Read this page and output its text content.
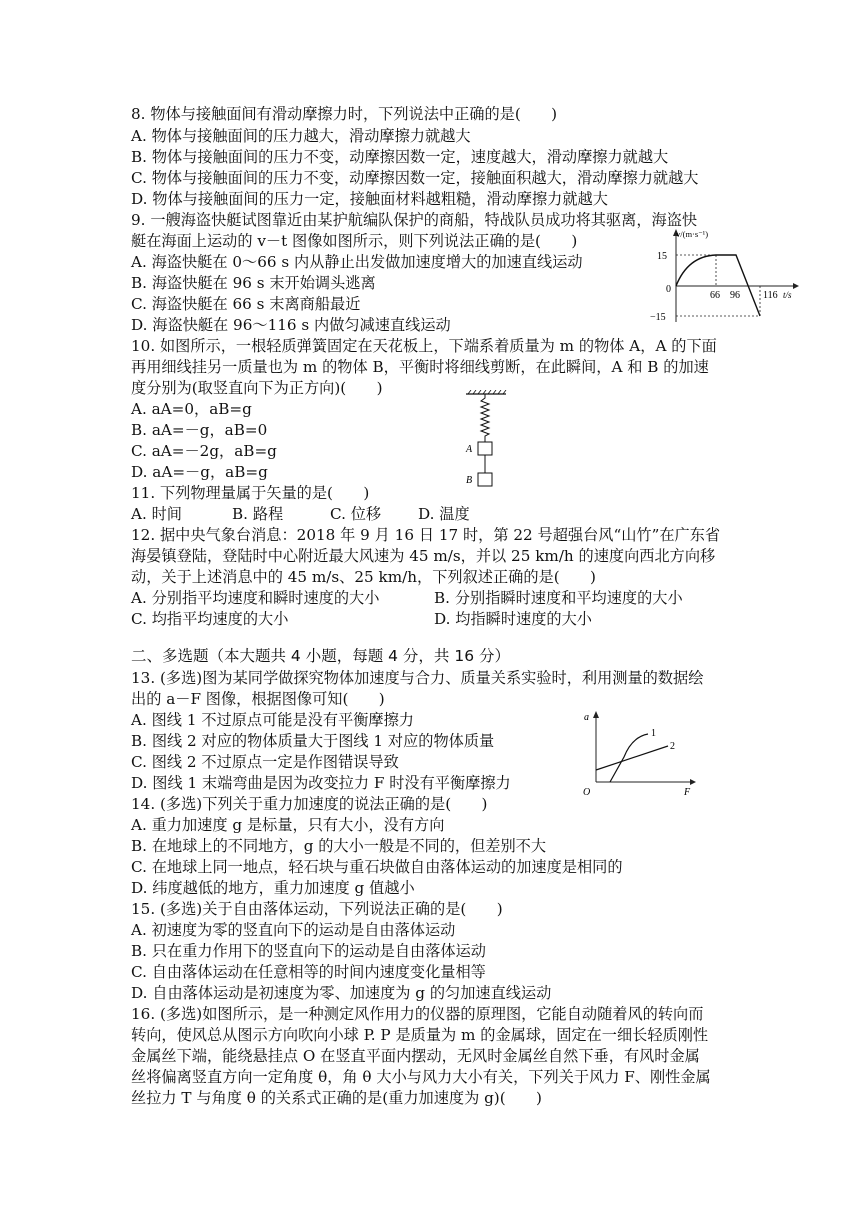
8. 物体与接触面间有滑动摩擦力时，下列说法中正确的是(　　)
A. 物体与接触面间的压力越大，滑动摩擦力就越大
B. 物体与接触面间的压力不变，动摩擦因数一定，速度越大，滑动摩擦力就越大
C. 物体与接触面间的压力不变，动摩擦因数一定，接触面积越大，滑动摩擦力就越大
D. 物体与接触面间的压力一定，接触面材料越粗糙，滑动摩擦力就越大
9. 一艘海盗快艇试图靠近由某护航编队保护的商船，特战队员成功将其驱离，海盗快
艇在海面上运动的 v－t 图像如图所示，则下列说法正确的是(　　)
A. 海盗快艇在 0～66 s 内从静止出发做加速度增大的加速直线运动
B. 海盗快艇在 96 s 末开始调头逃离
C. 海盗快艇在 66 s 末离商船最近
D. 海盗快艇在 96～116 s 内做匀减速直线运动
v/(m·s⁻¹)
15
0
−15
66 96 116 t/s
10. 如图所示，一根轻质弹簧固定在天花板上，下端系着质量为 m 的物体 A，A 的下面
再用细线挂另一质量也为 m 的物体 B，平衡时将细线剪断，在此瞬间，A 和 B 的加速
度分别为(取竖直向下为正方向)(　　)
A. aA=0，aB=g
B. aA=－g，aB=0
C. aA=－2g，aB=g
D. aA=－g，aB=g
A
B
11. 下列物理量属于矢量的是(　　)
A. 时间	B. 路程	C. 位移 D. 温度
12. 据中央气象台消息：2018 年 9 月 16 日 17 时，第 22 号超强台风“山竹”在广东省
海晏镇登陆，登陆时中心附近最大风速为 45 m/s，并以 25 km/h 的速度向西北方向移
动，关于上述消息中的 45 m/s、25 km/h，下列叙述正确的是(　　)
A. 分别指平均速度和瞬时速度的大小	B. 分别指瞬时速度和平均速度的大小
C. 均指平均速度的大小	D. 均指瞬时速度的大小
二、多选题（本大题共 4 小题，每题 4 分，共 16 分）
13. (多选)图为某同学做探究物体加速度与合力、质量关系实验时，利用测量的数据绘
出的 a－F 图像，根据图像可知(　　)
A. 图线 1 不过原点可能是没有平衡摩擦力
B. 图线 2 对应的物体质量大于图线 1 对应的物体质量
C. 图线 2 不过原点一定是作图错误导致
D. 图线 1 末端弯曲是因为改变拉力 F 时没有平衡摩擦力
a
O	F
1
2
14. (多选)下列关于重力加速度的说法正确的是(　　)
A. 重力加速度 g 是标量，只有大小，没有方向
B. 在地球上的不同地方，g 的大小一般是不同的，但差别不大
C. 在地球上同一地点，轻石块与重石块做自由落体运动的加速度是相同的
D. 纬度越低的地方，重力加速度 g 值越小
15. (多选)关于自由落体运动，下列说法正确的是(　　)
A. 初速度为零的竖直向下的运动是自由落体运动
B. 只在重力作用下的竖直向下的运动是自由落体运动
C. 自由落体运动在任意相等的时间内速度变化量相等
D. 自由落体运动是初速度为零、加速度为 g 的匀加速直线运动
16. (多选)如图所示，是一种测定风作用力的仪器的原理图，它能自动随着风的转向而
转向，使风总从图示方向吹向小球 P. P 是质量为 m 的金属球，固定在一细长轻质刚性
金属丝下端，能绕悬挂点 O 在竖直平面内摆动，无风时金属丝自然下垂，有风时金属
丝将偏离竖直方向一定角度 θ，角 θ 大小与风力大小有关，下列关于风力 F、刚性金属
丝拉力 T 与角度 θ 的关系式正确的是(重力加速度为 g)(　　)
